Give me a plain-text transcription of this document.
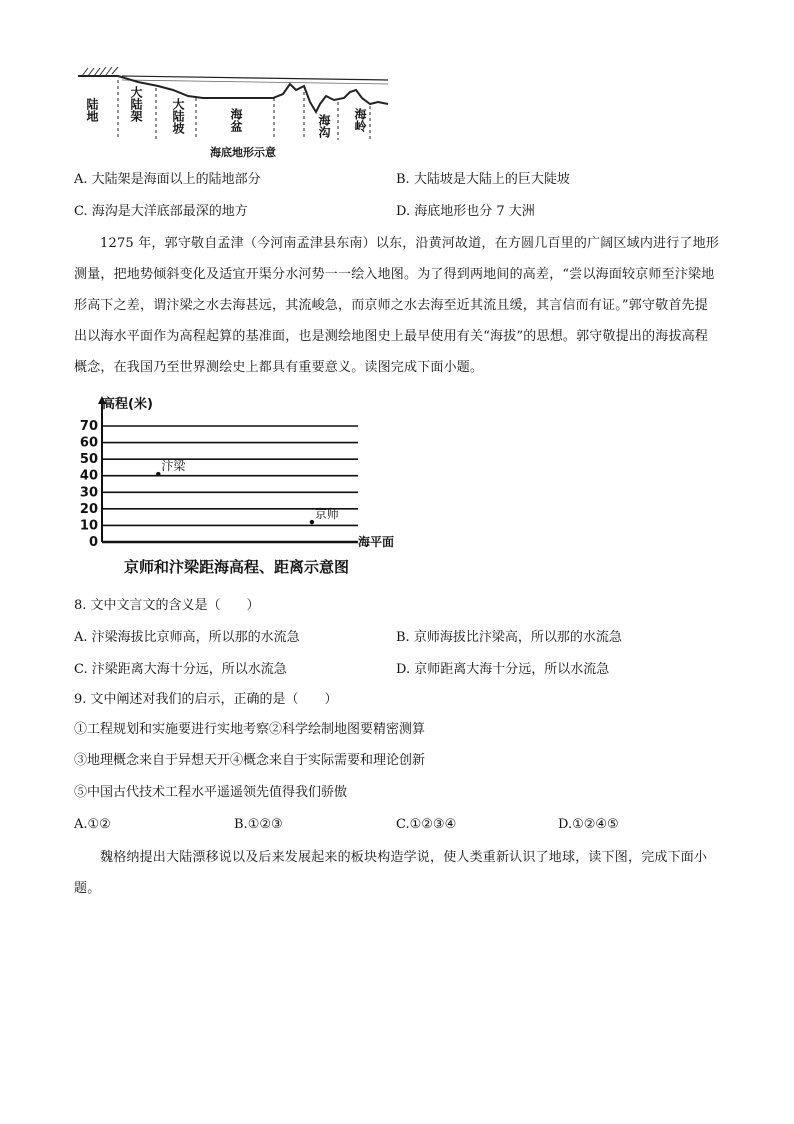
陆地	大陆架 大陆坡	海盆	海沟 海岭
海底地形示意
A. 大陆架是海面以上的陆地部分	B. 大陆坡是大陆上的巨大陡坡
C. 海沟是大洋底部最深的地方	D. 海底地形也分 7 大洲
1275 年，郭守敬自孟津（今河南孟津县东南）以东，沿黄河故道，在方圆几百里的广阔区域内进行了地形测量，把地势倾斜变化及适宜开渠分水河势一一绘入地图。为了得到两地间的高差，“尝以海面较京师至汴梁地形高下之差，谓汴梁之水去海甚远，其流峻急，而京师之水去海至近其流且缓，其言信而有证。”郭守敬首先提出以海水平面作为高程起算的基准面，也是测绘地图史上最早使用有关“海拔”的思想。郭守敬提出的海拔高程概念，在我国乃至世界测绘史上都具有重要意义。读图完成下面小题。
0
10
20
30
40
50
60
70
汴梁
京师
高程(米)
海平面
京师和汴梁距海高程、距离示意图
8. 文中文言文的含义是（　　）
A. 汴梁海拔比京师高，所以那的水流急	B. 京师海拔比汴梁高，所以那的水流急
C. 汴梁距离大海十分远，所以水流急	D. 京师距离大海十分远，所以水流急
9. 文中阐述对我们的启示，正确的是（　　）
①工程规划和实施要进行实地考察②科学绘制地图要精密测算
③地理概念来自于异想天开④概念来自于实际需要和理论创新
⑤中国古代技术工程水平遥遥领先值得我们骄傲
A.①②	B.①②③	C.①②③④	D.①②④⑤
魏格纳提出大陆漂移说以及后来发展起来的板块构造学说，使人类重新认识了地球，读下图，完成下面小题。
